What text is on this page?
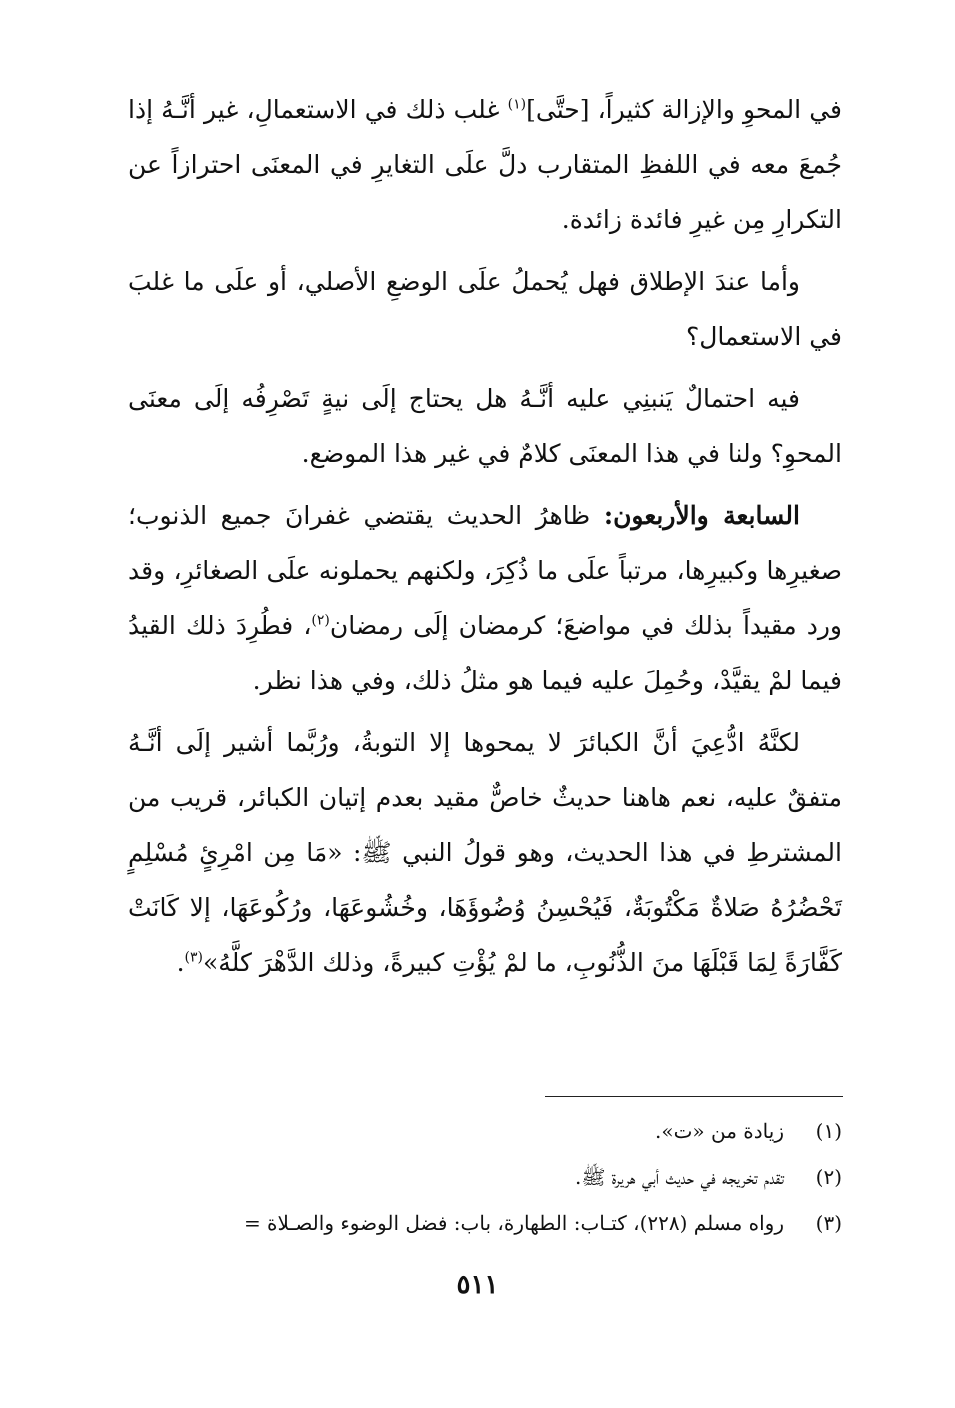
في المحوِ والإزالة كثيراً، [حتَّى]$^{(١)}$ غلب ذلك في الاستعمالِ، غير أنَّـهُ إذا جُمعَ معه في اللفظِ المتقارب دلَّ علَى التغايرِ في المعنَى احترازاً عن التكرارِ مِن غيرِ فائدة زائدة.

وأما عندَ الإطلاق فهل يُحملُ علَى الوضعِ الأصلي، أو علَى ما غلبَ في الاستعمال؟

فيه احتمالٌ يَنبنِي عليه أنَّـهُ هل يحتاج إلَى نيةٍ تَصْرِفُه إلَى معنَى المحوِ؟ ولنا في هذا المعنَى كلامٌ في غير هذا الموضع.

السابعة والأربعون: ظاهرُ الحديث يقتضي غفرانَ جميع الذنوب؛ صغيرِها وكبيرِها، مرتباً علَى ما ذُكِرَ، ولكنهم يحملونه علَى الصغائرِ، وقد ورد مقيداً بذلك في مواضعَ؛ كرمضان إلَى رمضان$^{(٢)}$، فطُرِدَ ذلك القيدُ فيما لمْ يقيَّدْ، وحُمِلَ عليه فيما هو مثلُ ذلك، وفي هذا نظر.

لكنَّهُ ادُّعِيَ أنَّ الكبائرَ لا يمحوها إلا التوبةُ، ورُبَّما أشير إلَى أنَّـهُ متفقٌ عليه، نعم هاهنا حديثٌ خاصٌّ مقيد بعدم إتيان الكبائر، قريب من المشترطِ في هذا الحديث، وهو قولُ النبي ﷺ: «مَا مِن امْرِئٍ مُسْلِمٍ تَحْضُرُهُ صَلاةٌ مَكْتُوبَةٌ، فَيُحْسِنُ وُضُوؤَهَا، وخُشُوعَهَا، ورُكُوعَهَا، إلا كَانَتْ كَفَّارَةً لِمَا قَبْلَهَا منَ الذُّنُوبِ، ما لمْ يُؤْتِ كبيرةً، وذلك الدَّهْرَ كلَّهُ»$^{(٣)}$.

(١)
زيادة من «ت».
(٢)
تقدم تخريجه في حديث أبي هريرة ﷺ.
(٣)
رواه مسلم (٢٢٨)، كتـاب: الطهارة، باب: فضل الوضوء والصـلاة =
٥١١
